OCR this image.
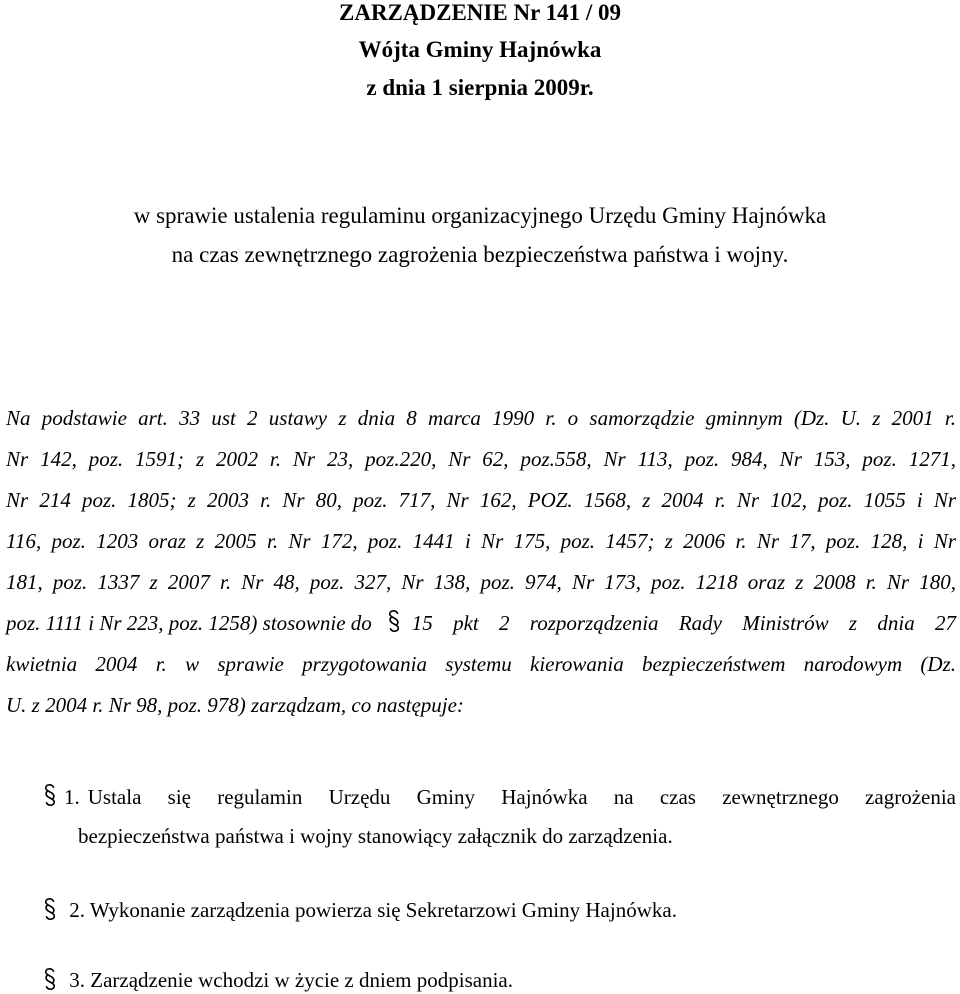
ZARZĄDZENIE Nr 141 / 09
Wójta Gminy Hajnówka
z dnia 1 sierpnia 2009r.
w sprawie ustalenia regulaminu organizacyjnego Urzędu Gminy Hajnówka
na czas zewnętrznego zagrożenia bezpieczeństwa państwa i wojny.
Na podstawie art. 33 ust 2 ustawy z dnia 8 marca 1990 r. o samorządzie gminnym (Dz. U. z 2001 r.
Nr 142, poz. 1591; z 2002 r. Nr 23, poz.220, Nr 62, poz.558, Nr 113, poz. 984, Nr 153, poz. 1271,
Nr 214 poz. 1805; z 2003 r. Nr 80, poz. 717, Nr 162, POZ. 1568, z 2004 r. Nr 102, poz. 1055 i Nr
116, poz. 1203 oraz z 2005 r. Nr 172, poz. 1441 i Nr 175, poz. 1457; z 2006 r. Nr 17, poz. 128, i Nr
181, poz. 1337 z 2007 r. Nr 48, poz. 327, Nr 138, poz. 974, Nr 173, poz. 1218 oraz z 2008 r. Nr 180,
poz. 1111 i Nr 223, poz. 1258) stosownie do 15 pkt 2 rozporządzenia Rady Ministrów z dnia 27
kwietnia 2004 r. w sprawie przygotowania systemu kierowania bezpieczeństwem narodowym (Dz.
U. z 2004 r. Nr 98, poz. 978) zarządzam, co następuje:
1 . Ustala się regulamin Urzędu Gminy Hajnówka na czas zewnętrznego zagrożenia
bezpieczeństwa państwa i wojny stanowiący załącznik do zarządzenia.
2. Wykonanie zarządzenia powierza się Sekretarzowi Gminy Hajnówka.
3. Zarządzenie wchodzi w życie z dniem podpisania.
